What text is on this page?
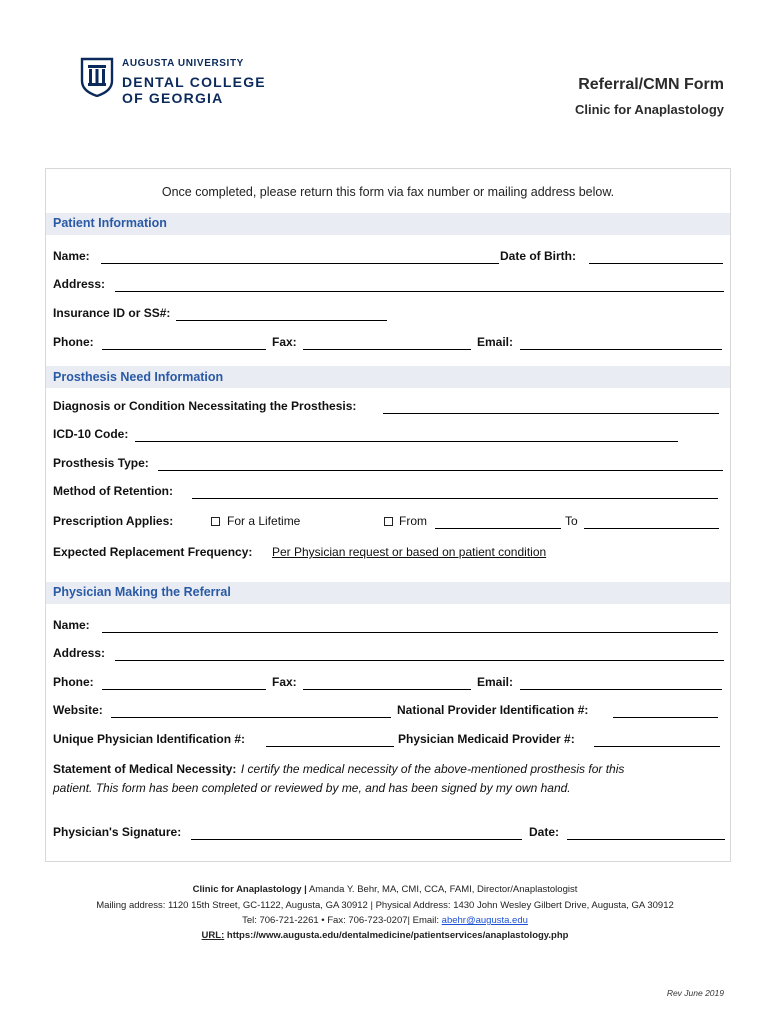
AUGUSTA UNIVERSITY
DENTAL COLLEGE
OF GEORGIA
Referral/CMN Form
Clinic for Anaplastology
Once completed, please return this form via fax number or mailing address below.
Patient Information
Name:	Date of Birth:
Address:
Insurance ID or SS#:
Phone:	Fax:	Email:
Prosthesis Need Information
Diagnosis or Condition Necessitating the Prosthesis:
ICD-10 Code:
Prosthesis Type:
Method of Retention:
Prescription Applies:	For a Lifetime	From	To
Expected Replacement Frequency: Per Physician request or based on patient condition
Physician Making the Referral
Name:
Address:
Phone:	Fax:	Email:
Website:	National Provider Identification #:
Unique Physician Identification #:	Physician Medicaid Provider #:
Statement of Medical Necessity: I certify the medical necessity of the above-mentioned prosthesis for this
patient. This form has been completed or reviewed by me, and has been signed by my own hand.
Physician's Signature:	Date:
Clinic for Anaplastology | Amanda Y. Behr, MA, CMI, CCA, FAMI, Director/Anaplastologist
Mailing address: 1120 15th Street, GC-1122, Augusta, GA 30912 | Physical Address: 1430 John Wesley Gilbert Drive, Augusta, GA 30912
Tel: 706-721-2261 • Fax: 706-723-0207| Email: abehr@augusta.edu
URL: https://www.augusta.edu/dentalmedicine/patientservices/anaplastology.php
Rev June 2019
